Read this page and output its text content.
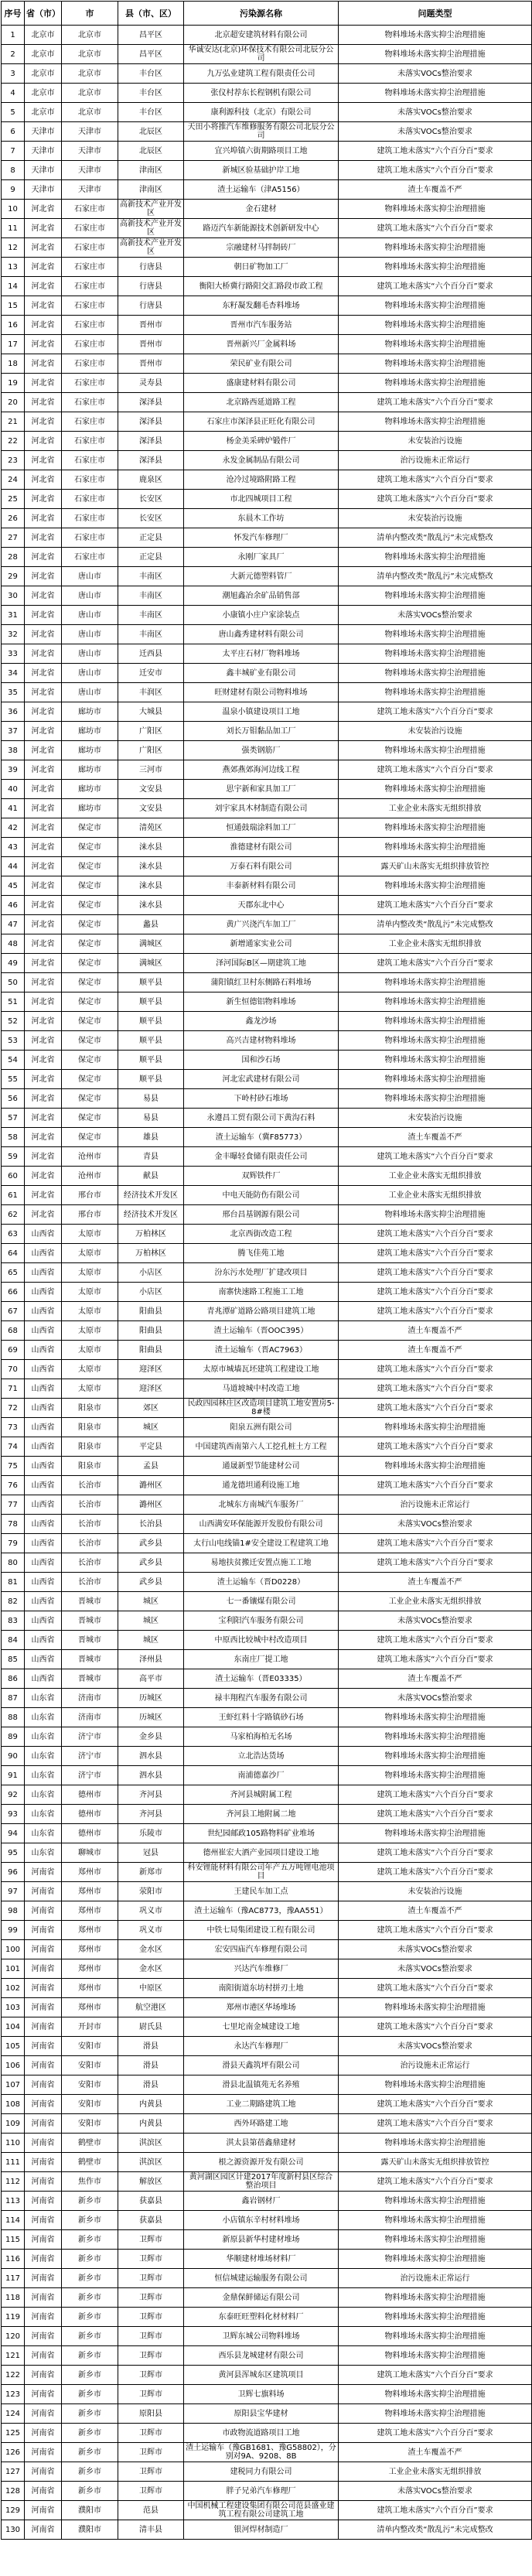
序号	省（市）	市	县（市、区）	污染源名称	问题类型
1	北京市	北京市	昌平区	北京超安建筑材料有限公司	物料堆场未落实抑尘治理措施
2	北京市	北京市	昌平区	华诚安达(北京)环保技术有限公司北辰分公司	物料堆场未落实抑尘治理措施
3	北京市	北京市	丰台区	九万弘业建筑工程有限责任公司	未落实VOCs整治要求
4	北京市	北京市	丰台区	张仪村荐东长程钢机有限公司	物料堆场未落实抑尘治理措施
5	北京市	北京市	丰台区	康利源科技（北京）有限公司	未落实VOCs整治要求
6	天津市	天津市	北辰区	天田小将推汽车维修服务有限公司北辰分公司	未落实VOCs整治要求
7	天津市	天津市	北辰区	宜兴埠镇六街期路项目工地	建筑工地未落实“六个百分百”要求
8	天津市	天津市	津南区	新城区验基础护岸工地	建筑工地未落实“六个百分百”要求
9	天津市	天津市	津南区	渣土运输车（津A5156）	渣土车覆盖不严
10	河北省	石家庄市	高新技术产业开发区	金石建材	物料堆场未落实抑尘治理措施
11	河北省	石家庄市	高新技术产业开发区	路迈汽车新能源技术创新研发中心	建筑工地未落实“六个百分百”要求
12	河北省	石家庄市	高新技术产业开发区	宗融建材马拌制砖厂	物料堆场未落实抑尘治理措施
13	河北省	石家庄市	行唐县	朝日矿物加工厂	物料堆场未落实抑尘治理措施
14	河北省	石家庄市	行唐县	衡阳大桥冀行路阳交汇路段市政工程	建筑工地未落实“六个百分百”要求
15	河北省	石家庄市	行唐县	东籽凝发翻毛杏料堆场	物料堆场未落实抑尘治理措施
16	河北省	石家庄市	晋州市	晋州市汽车服务站	物料堆场未落实抑尘治理措施
17	河北省	石家庄市	晋州市	晋州新兴厂金属料场	物料堆场未落实抑尘治理措施
18	河北省	石家庄市	晋州市	荣民矿业有限公司	物料堆场未落实抑尘治理措施
19	河北省	石家庄市	灵寿县	盛康建材料有限公司	物料堆场未落实抑尘治理措施
20	河北省	石家庄市	深泽县	北京路西延道路工程	建筑工地未落实“六个百分百”要求
21	河北省	石家庄市	深泽县	石家庄市深泽县正旺化有限公司	物料堆场未落实抑尘治理措施
22	河北省	石家庄市	深泽县	杨金美采碑炉锻件厂	未安装治污设施
23	河北省	石家庄市	深泽县	永发金属制品有限公司	治污设施未正常运行
24	河北省	石家庄市	鹿泉区	沧冷过境路附路工程	建筑工地未落实“六个百分百”要求
25	河北省	石家庄市	长安区	市北四城项目工程	建筑工地未落实“六个百分百”要求
26	河北省	石家庄市	长安区	东晨木工作坊	未安装治污设施
27	河北省	石家庄市	正定县	怀发汽车修理厂	清单内整改类“散乱污”未完成整改
28	河北省	石家庄市	正定县	永刚厂家具厂	物料堆场未落实抑尘治理措施
29	河北省	唐山市	丰南区	大新元德塑料管厂	清单内整改类“散乱污”未完成整改
30	河北省	唐山市	丰南区	潮旭鑫冶余矿品销售部	物料堆场未落实抑尘治理措施
31	河北省	唐山市	丰南区	小康镇小庄户家涂装点	未落实VOCs整治要求
32	河北省	唐山市	丰南区	唐山鑫秀建材料有限公司	物料堆场未落实抑尘治理措施
33	河北省	唐山市	迁西县	太平庄石材厂物料堆场	物料堆场未落实抑尘治理措施
34	河北省	唐山市	迁安市	鑫丰城矿业有限公司	物料堆场未落实抑尘治理措施
35	河北省	唐山市	丰润区	旺财建材有限公司物料堆场	物料堆场未落实抑尘治理措施
36	河北省	廊坊市	大城县	温泉小镇建设项目工地	建筑工地未落实“六个百分百”要求
37	河北省	廊坊市	广阳区	刘长万钼黏品加工厂	未安装治污设施
38	河北省	廊坊市	广阳区	强类钢筋厂	物料堆场未落实抑尘治理措施
39	河北省	廊坊市	三河市	燕郊燕郊海河边线工程	建筑工地未落实“六个百分百”要求
40	河北省	廊坊市	文安县	思宇新和家具加工厂	物料堆场未落实抑尘治理措施
41	河北省	廊坊市	文安县	刘宇家具木材制造有限公司	工业企业未落实无组织排放
42	河北省	保定市	清苑区	恒通鼓瑞涂料加工厂	物料堆场未落实抑尘治理措施
43	河北省	保定市	涞水县	淮德建材有限公司	物料堆场未落实抑尘治理措施
44	河北省	保定市	涞水县	万泰石料有限公司	露天矿山未落实无组织排放管控
45	河北省	保定市	涞水县	丰泰新材料有限公司	物料堆场未落实抑尘治理措施
46	河北省	保定市	涞水县	天郡东北中心	建筑工地未落实“六个百分百”要求
47	河北省	保定市	蠡县	黄广兴浇汽车加工厂	清单内整改类“散乱污”未完成整改
48	河北省	保定市	满城区	新增通家实业公司	工业企业未落实无组织排放
49	河北省	保定市	满城区	泽河国际B区—期建筑工地	建筑工地未落实“六个百分百”要求
50	河北省	保定市	顺平县	蒲阳镇红卫村东侧路石料堆场	物料堆场未落实抑尘治理措施
51	河北省	保定市	顺平县	新生恒德铝物料堆场	物料堆场未落实抑尘治理措施
52	河北省	保定市	顺平县	鑫龙沙场	物料堆场未落实抑尘治理措施
53	河北省	保定市	顺平县	高兴吉建材物料堆场	物料堆场未落实抑尘治理措施
54	河北省	保定市	顺平县	国和沙石场	物料堆场未落实抑尘治理措施
55	河北省	保定市	顺平县	河北宏武建材有限公司	物料堆场未落实抑尘治理措施
56	河北省	保定市	易县	下岭村砂石堆场	物料堆场未落实抑尘治理措施
57	河北省	保定市	易县	永遵昌工贸有限公司下黄沟石料	未安装治污设施
58	河北省	保定市	雄县	渣土运输车（冀F85773）	渣土车覆盖不严
59	河北省	沧州市	青县	金丰曝轻食储有限责任公司	建筑工地未落实“六个百分百”要求
60	河北省	沧州市	献县	双辉铁件厂	工业企业未落实无组织排放
61	河北省	邢台市	经济技术开发区	中电天能防伤有限公司	工业企业未落实无组织排放
62	河北省	邢台市	经济技术开发区	邢台昌基钢源有限公司	物料堆场未落实抑尘治理措施
63	山西省	太原市	万柏林区	北京西街改造工程	建筑工地未落实“六个百分百”要求
64	山西省	太原市	万柏林区	腾飞佳苑工地	建筑工地未落实“六个百分百”要求
65	山西省	太原市	小店区	汾东污水处理厂扩建改项目	建筑工地未落实“六个百分百”要求
66	山西省	太原市	小店区	南寨快速路工程施工工地	建筑工地未落实“六个百分百”要求
67	山西省	太原市	阳曲县	青兆潭矿道路公路项目建筑工地	建筑工地未落实“六个百分百”要求
68	山西省	太原市	阳曲县	渣土运输车（晋OOC395）	渣土车覆盖不严
69	山西省	太原市	阳曲县	渣土运输车（晋AC7963）	渣土车覆盖不严
70	山西省	太原市	迎泽区	太原市城墙瓦坯建筑工程建设工地	建筑工地未落实“六个百分百”要求
71	山西省	太原市	迎泽区	马道坡城中村改造工地	建筑工地未落实“六个百分百”要求
72	山西省	阳泉市	郊区	民政四园林庄区改造项目建筑工地安置房5-8#楼	建筑工地未落实“六个百分百”要求
73	山西省	阳泉市	城区	阳泉五洲有限公司	物料堆场未落实抑尘治理措施
74	山西省	阳泉市	平定县	中国建筑西南第六人工挖孔桩土方工程	建筑工地未落实“六个百分百”要求
75	山西省	阳泉市	孟县	通晟新型节能建材公司	物料堆场未落实抑尘治理措施
76	山西省	长治市	潞州区	通龙德坦通利设施工地	建筑工地未落实“六个百分百”要求
77	山西省	长治市	潞州区	北城东方南城汽车服务厂	治污设施未正常运行
78	山西省	长治市	长治县	山西满安环保能源开发股份有限公司	未落实VOCs整治要求
79	山西省	长治市	武乡县	太行山电线锚1#安全建设工程建筑工地	建筑工地未落实“六个百分百”要求
80	山西省	长治市	武乡县	易地扶贫搬迁安置点施工工地	建筑工地未落实“六个百分百”要求
81	山西省	长治市	武乡县	渣土运输车（晋D0228）	渣土车覆盖不严
82	山西省	晋城市	城区	七一番镶煤有限公司	工业企业未落实无组织排放
83	山西省	晋城市	城区	宝利阳汽车服务有限公司	未落实VOCs整治要求
84	山西省	晋城市	城区	中原西比较城中村改造项目	建筑工地未落实“六个百分百”要求
85	山西省	晋城市	泽州县	东南庄厂提工地	建筑工地未落实“六个百分百”要求
86	山西省	晋城市	高平市	渣土运输车（晋E03335）	渣土车覆盖不严
87	山东省	济南市	历城区	禄丰翔程汽车服务有限公司	未落实VOCs整治要求
88	山东省	济南市	历城区	王虾红料十字路镇砂石场	物料堆场未落实抑尘治理措施
89	山东省	济宁市	金乡县	马家柏海柏无名场	物料堆场未落实抑尘治理措施
90	山东省	济宁市	泗水县	立北浩达货场	物料堆场未落实抑尘治理措施
91	山东省	济宁市	泗水县	南浦德嘉沙厂	物料堆场未落实抑尘治理措施
92	山东省	德州市	齐河县	齐河县城附属工程	建筑工地未落实“六个百分百”要求
93	山东省	德州市	齐河县	齐河县工地附属二地	建筑工地未落实“六个百分百”要求
94	山东省	德州市	乐陵市	世纪园邮政105路物料矿业堆场	物料堆场未落实抑尘治理措施
95	山东省	聊城市	冠县	德州崔宏大酒产业园项目建设工地	建筑工地未落实“六个百分百”要求
96	河南省	郑州市	新郑市	科安锂能材料有限公司年产五万吨锂电池项目	建筑工地未落实“六个百分百”要求
97	河南省	郑州市	荥阳市	王建民车加工点	未安装治污设施
98	河南省	郑州市	巩义市	渣土运输车（豫AC8773，豫AA551）	渣土车覆盖不严
99	河南省	郑州市	巩义市	中铁七局集团建设工程有限公司	建筑工地未落实“六个百分百”要求
100	河南省	郑州市	金水区	宏安四庙汽车修理有限公司	未落实VOCs整治要求
101	河南省	郑州市	金水区	兴达汽车维修厂	未落实VOCs整治要求
102	河南省	郑州市	中原区	南阳街道东坊村拼刃土地	建筑工地未落实“六个百分百”要求
103	河南省	郑州市	航空港区	郑州市港区华场堆场	物料堆场未落实抑尘治理措施
104	河南省	开封市	尉氏县	七里坨南金城建设工地	建筑工地未落实“六个百分百”要求
105	河南省	安阳市	滑县	永达汽车修理厂	未落实VOCs整治要求
106	河南省	安阳市	滑县	滑县天鑫筑坪有限公司	治污设施未正常运行
107	河南省	安阳市	滑县	滑县北温镇苑无名养殖	物料堆场未落实抑尘治理措施
108	河南省	安阳市	内黄县	工业二期路建筑工地	建筑工地未落实“六个百分百”要求
109	河南省	安阳市	内黄县	西外环路建工地	建筑工地未落实“六个百分百”要求
110	河南省	鹤壁市	淇滨区	淇太县第蓓鑫鼎建材	物料堆场未落实抑尘治理措施
111	河南省	鹤壁市	淇滨区	根之源资源开发有限公司	露天矿山未落实无组织排放管控
112	河南省	焦作市	解放区	黄河湖区园区计建2017年度新村县区综合整治项目	建筑工地未落实“六个百分百”要求
113	河南省	新乡市	获嘉县	鑫岩钢材厂	物料堆场未落实抑尘治理措施
114	河南省	新乡市	获嘉县	小店镇东辛村材料堆场	物料堆场未落实抑尘治理措施
115	河南省	新乡市	卫辉市	新原县新华村建材堆场	物料堆场未落实抑尘治理措施
116	河南省	新乡市	卫辉市	华顺建材堆场材料厂	物料堆场未落实抑尘治理措施
117	河南省	新乡市	卫辉市	恒信城建运输服务有限公司	治污设施未正常运行
118	河南省	新乡市	卫辉市	金鼎保鲜储运有限公司	物料堆场未落实抑尘治理措施
119	河南省	新乡市	卫辉市	东泰旺旺塑料化材材料厂	物料堆场未落实抑尘治理措施
120	河南省	新乡市	卫辉市	卫辉东城公司物料堆场	物料堆场未落实抑尘治理措施
121	河南省	新乡市	卫辉市	西乐县龙城建材有限公司	物料堆场未落实抑尘治理措施
122	河南省	新乡市	卫辉市	黄河县浑城东区建筑项目	建筑工地未落实“六个百分百”要求
123	河南省	新乡市	卫辉市	卫辉七旗料场	物料堆场未落实抑尘治理措施
124	河南省	新乡市	原阳县	原阳县宝华建材	物料堆场未落实抑尘治理措施
125	河南省	新乡市	卫辉市	市政物流道路项目工地	建筑工地未落实“六个百分百”要求
126	河南省	新乡市	卫辉市	渣土运输车（豫GB1681、豫G58802），分别对9A、9208、8B	渣土车覆盖不严
127	河南省	新乡市	卫辉市	建税同力有限公司	工业企业未落实无组织排放
128	河南省	新乡市	卫辉市	胖子兄弟汽车修理厂	未落实VOCs整治要求
129	河南省	濮阳市	范县	中国机械工程建设集团有限公司范县盛业建筑工程有限公司建筑工地	建筑工地未落实“六个百分百”要求
130	河南省	濮阳市	清丰县	银河焊材制造厂	清单内整改类“散乱污”未完成整改
